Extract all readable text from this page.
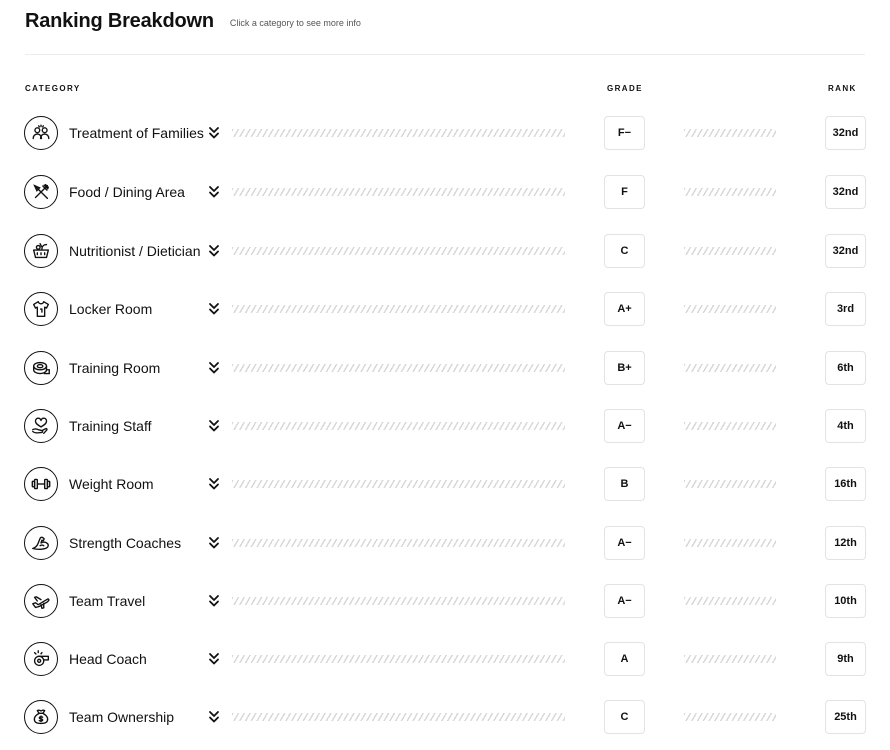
Ranking Breakdown Click a category to see more info
CATEGORY	GRADE	RANK
Treatment of Families	F−	32nd
Food / Dining Area	F	32nd
Nutritionist / Dietician	C	32nd
Locker Room	A+	3rd
Training Room	B+	6th
Training Staff	A−	4th
Weight Room	B	16th
Strength Coaches	A−	12th
Team Travel	A−	10th
Head Coach	A	9th
Team Ownership	C	25th
